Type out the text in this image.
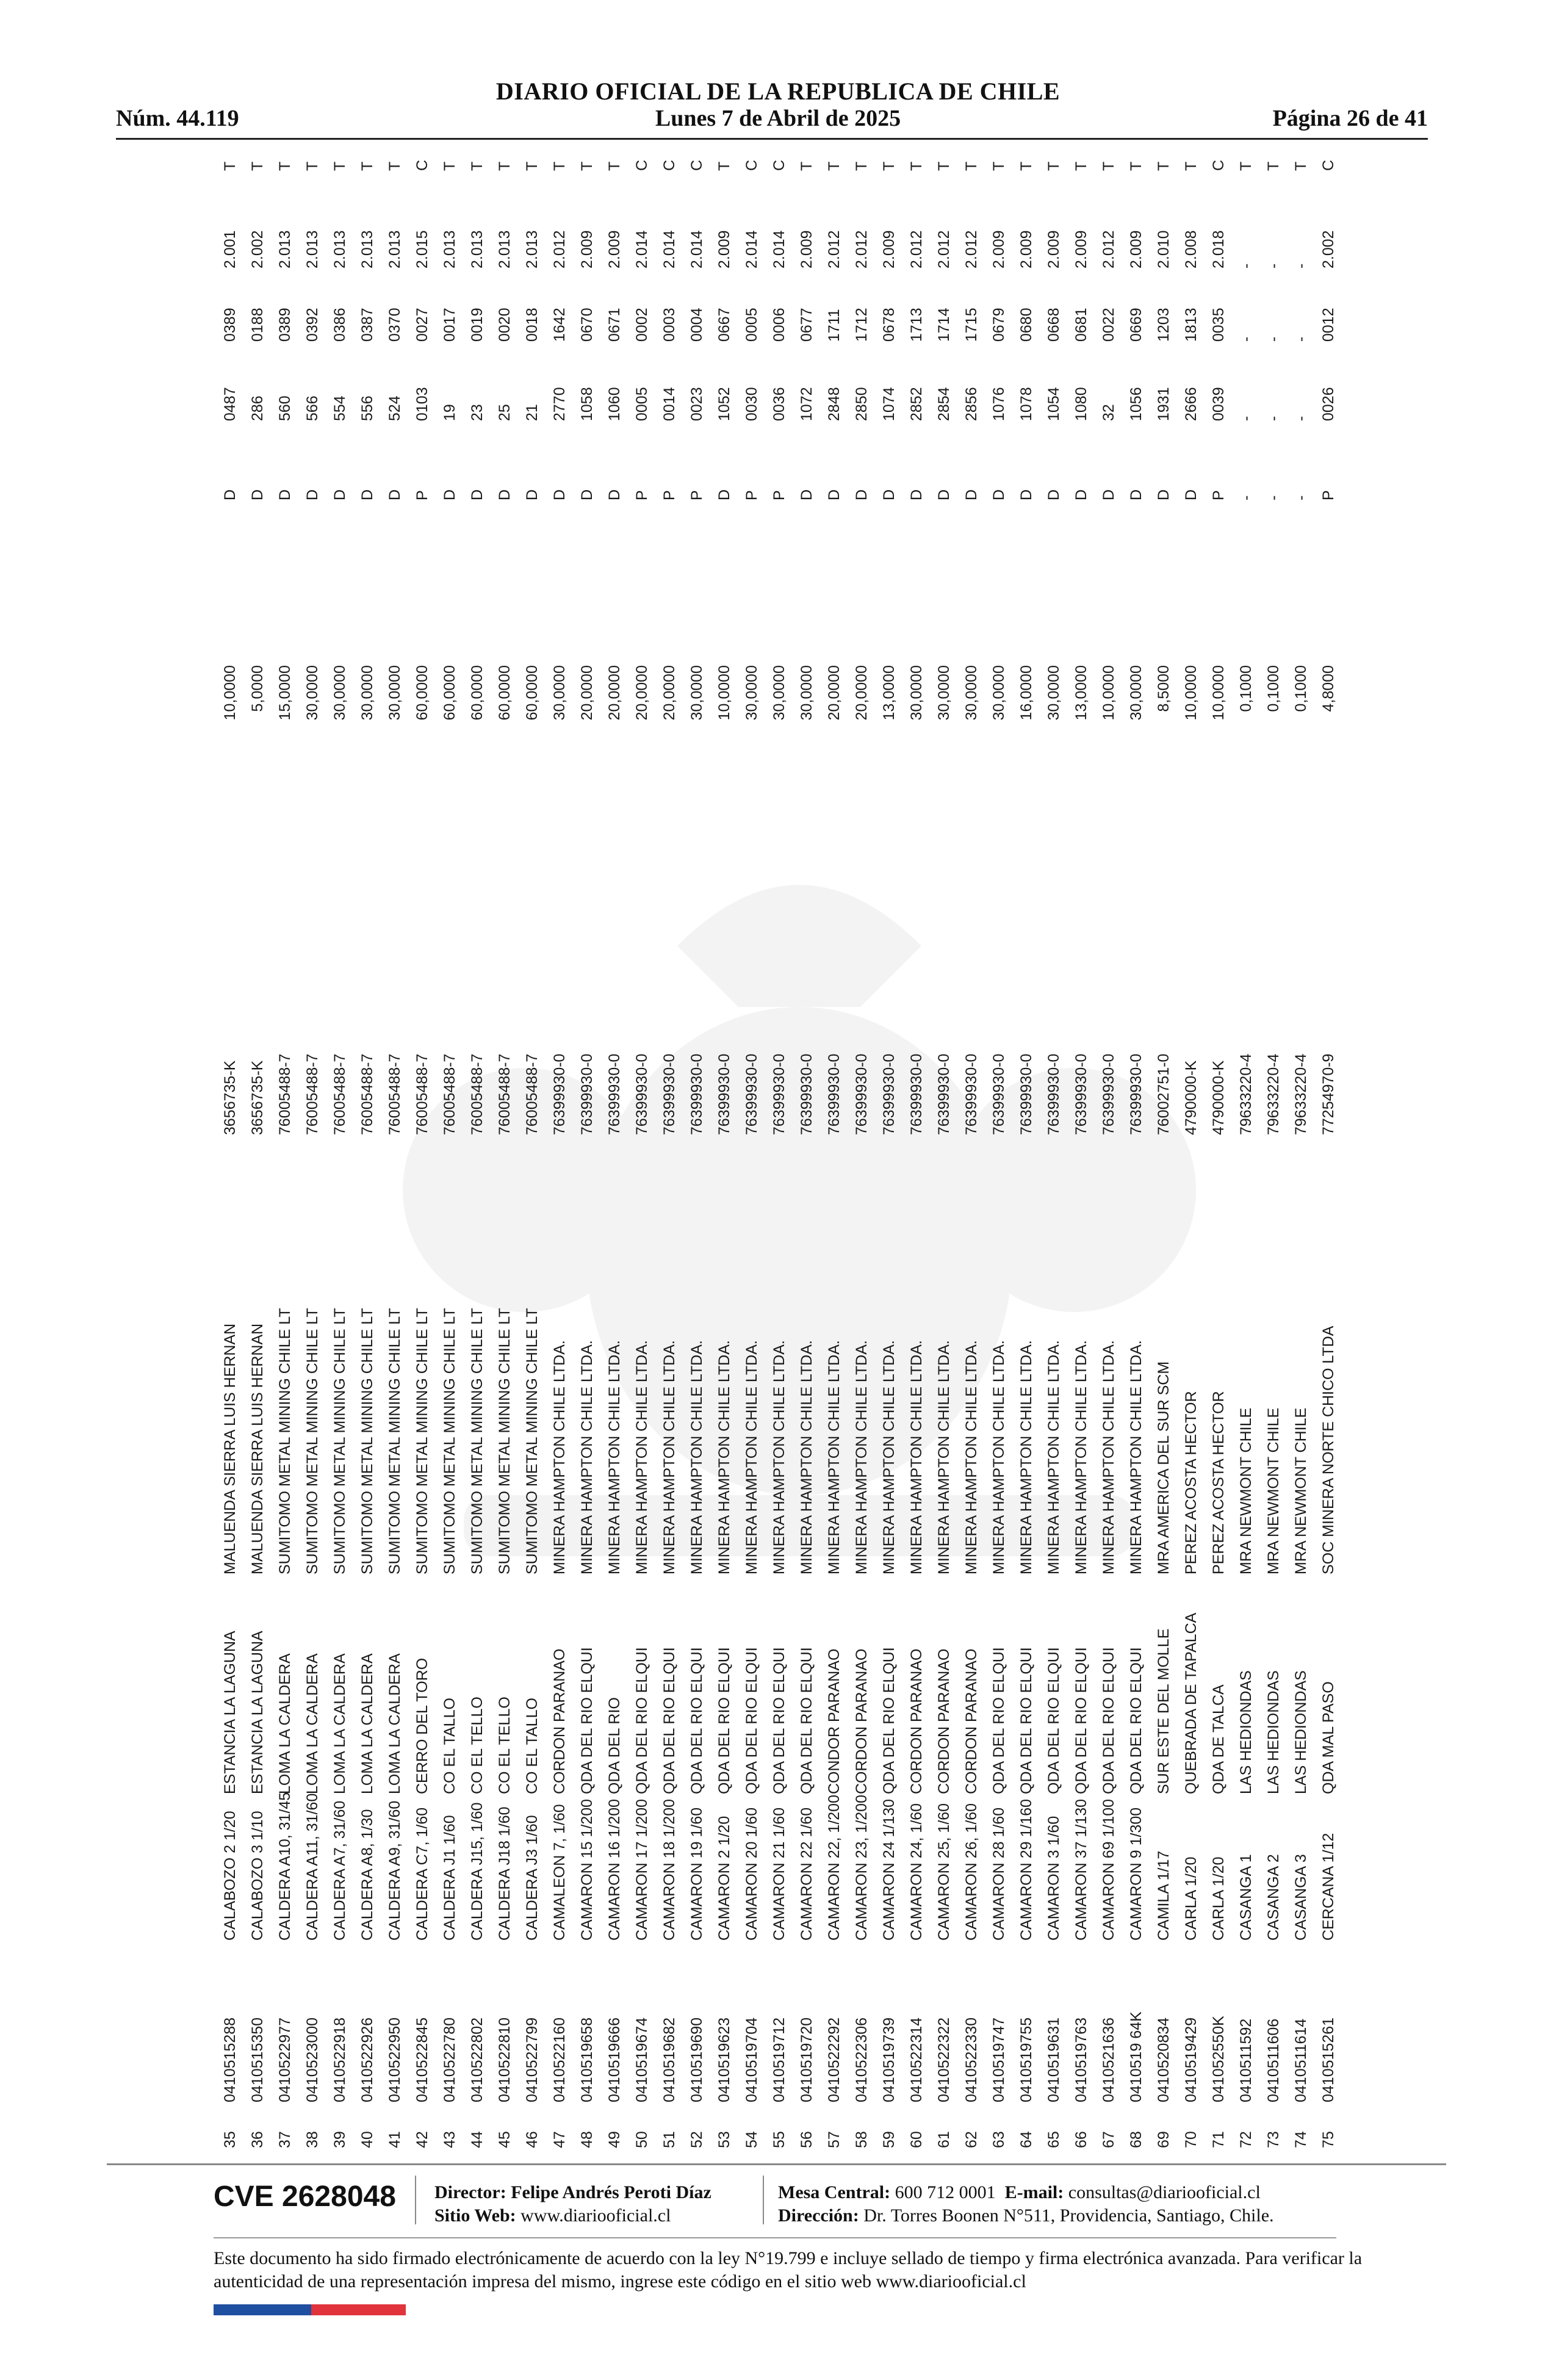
DIARIO OFICIAL DE LA REPUBLICA DE CHILE
Núm. 44.119	Lunes 7 de Abril de 2025	Página 26 de 41
35
0410515288
CALABOZO 2 1/20
ESTANCIA LA LAGUNA
MALUENDA SIERRA LUIS HERNAN
3656735-K
10,0000
D
0487
0389
2.001
T
36
0410515350
CALABOZO 3 1/10
ESTANCIA LA LAGUNA
MALUENDA SIERRA LUIS HERNAN
3656735-K
5,0000
D
286
0188
2.002
T
37
0410522977
CALDERA A10, 31/45
LOMA LA CALDERA
SUMITOMO METAL MINING CHILE LT
76005488-7
15,0000
D
560
0389
2.013
T
38
0410523000
CALDERA A11, 31/60
LOMA LA CALDERA
SUMITOMO METAL MINING CHILE LT
76005488-7
30,0000
D
566
0392
2.013
T
39
0410522918
CALDERA A7, 31/60
LOMA LA CALDERA
SUMITOMO METAL MINING CHILE LT
76005488-7
30,0000
D
554
0386
2.013
T
40
0410522926
CALDERA A8, 1/30
LOMA LA CALDERA
SUMITOMO METAL MINING CHILE LT
76005488-7
30,0000
D
556
0387
2.013
T
41
0410522950
CALDERA A9, 31/60
LOMA LA CALDERA
SUMITOMO METAL MINING CHILE LT
76005488-7
30,0000
D
524
0370
2.013
T
42
0410522845
CALDERA C7, 1/60
CERRO DEL TORO
SUMITOMO METAL MINING CHILE LT
76005488-7
60,0000
P
0103
0027
2.015
C
43
0410522780
CALDERA J1 1/60
CO EL TALLO
SUMITOMO METAL MINING CHILE LT
76005488-7
60,0000
D
19
0017
2.013
T
44
0410522802
CALDERA J15, 1/60
CO EL TELLO
SUMITOMO METAL MINING CHILE LT
76005488-7
60,0000
D
23
0019
2.013
T
45
0410522810
CALDERA J18 1/60
CO EL TELLO
SUMITOMO METAL MINING CHILE LT
76005488-7
60,0000
D
25
0020
2.013
T
46
0410522799
CALDERA J3 1/60
CO EL TALLO
SUMITOMO METAL MINING CHILE LT
76005488-7
60,0000
D
21
0018
2.013
T
47
0410522160
CAMALEON 7, 1/60
CORDON PARANAO
MINERA HAMPTON CHILE LTDA.
76399930-0
30,0000
D
2770
1642
2.012
T
48
0410519658
CAMARON 15 1/200
QDA DEL RIO ELQUI
MINERA HAMPTON CHILE LTDA.
76399930-0
20,0000
D
1058
0670
2.009
T
49
0410519666
CAMARON 16 1/200
QDA DEL RIO
MINERA HAMPTON CHILE LTDA.
76399930-0
20,0000
D
1060
0671
2.009
T
50
0410519674
CAMARON 17 1/200
QDA DEL RIO ELQUI
MINERA HAMPTON CHILE LTDA.
76399930-0
20,0000
P
0005
0002
2.014
C
51
0410519682
CAMARON 18 1/200
QDA DEL RIO ELQUI
MINERA HAMPTON CHILE LTDA.
76399930-0
20,0000
P
0014
0003
2.014
C
52
0410519690
CAMARON 19 1/60
QDA DEL RIO ELQUI
MINERA HAMPTON CHILE LTDA.
76399930-0
30,0000
P
0023
0004
2.014
C
53
0410519623
CAMARON 2 1/20
QDA DEL RIO ELQUI
MINERA HAMPTON CHILE LTDA.
76399930-0
10,0000
D
1052
0667
2.009
T
54
0410519704
CAMARON 20 1/60
QDA DEL RIO ELQUI
MINERA HAMPTON CHILE LTDA.
76399930-0
30,0000
P
0030
0005
2.014
C
55
0410519712
CAMARON 21 1/60
QDA DEL RIO ELQUI
MINERA HAMPTON CHILE LTDA.
76399930-0
30,0000
P
0036
0006
2.014
C
56
0410519720
CAMARON 22 1/60
QDA DEL RIO ELQUI
MINERA HAMPTON CHILE LTDA.
76399930-0
30,0000
D
1072
0677
2.009
T
57
0410522292
CAMARON 22, 1/200
CONDOR PARANAO
MINERA HAMPTON CHILE LTDA.
76399930-0
20,0000
D
2848
1711
2.012
T
58
0410522306
CAMARON 23, 1/200
CORDON PARANAO
MINERA HAMPTON CHILE LTDA.
76399930-0
20,0000
D
2850
1712
2.012
T
59
0410519739
CAMARON 24 1/130
QDA DEL RIO ELQUI
MINERA HAMPTON CHILE LTDA.
76399930-0
13,0000
D
1074
0678
2.009
T
60
0410522314
CAMARON 24, 1/60
CORDON PARANAO
MINERA HAMPTON CHILE LTDA.
76399930-0
30,0000
D
2852
1713
2.012
T
61
0410522322
CAMARON 25, 1/60
CORDON PARANAO
MINERA HAMPTON CHILE LTDA.
76399930-0
30,0000
D
2854
1714
2.012
T
62
0410522330
CAMARON 26, 1/60
CORDON PARANAO
MINERA HAMPTON CHILE LTDA.
76399930-0
30,0000
D
2856
1715
2.012
T
63
0410519747
CAMARON 28 1/60
QDA DEL RIO ELQUI
MINERA HAMPTON CHILE LTDA.
76399930-0
30,0000
D
1076
0679
2.009
T
64
0410519755
CAMARON 29 1/160
QDA DEL RIO ELQUI
MINERA HAMPTON CHILE LTDA.
76399930-0
16,0000
D
1078
0680
2.009
T
65
0410519631
CAMARON 3 1/60
QDA DEL RIO ELQUI
MINERA HAMPTON CHILE LTDA.
76399930-0
30,0000
D
1054
0668
2.009
T
66
0410519763
CAMARON 37 1/130
QDA DEL RIO ELQUI
MINERA HAMPTON CHILE LTDA.
76399930-0
13,0000
D
1080
0681
2.009
T
67
0410521636
CAMARON 69 1/100
QDA DEL RIO ELQUI
MINERA HAMPTON CHILE LTDA.
76399930-0
10,0000
D
32
0022
2.012
T
68
0410519 64K
CAMARON 9 1/300
QDA DEL RIO ELQUI
MINERA HAMPTON CHILE LTDA.
76399930-0
30,0000
D
1056
0669
2.009
T
69
0410520834
CAMILA 1/17
SUR ESTE DEL MOLLE
MRA AMERICA DEL SUR SCM
76002751-0
8,5000
D
1931
1203
2.010
T
70
0410519429
CARLA 1/20
QUEBRADA DE TAPALCA
PEREZ ACOSTA HECTOR
4790000-K
10,0000
D
2666
1813
2.008
T
71
041052550K
CARLA 1/20
QDA DE TALCA
PEREZ ACOSTA HECTOR
4790000-K
10,0000
P
0039
0035
2.018
C
72
0410511592
CASANGA 1
LAS HEDIONDAS
MRA NEWMONT CHILE
79633220-4
0,1000
-
-
-
-
T
73
0410511606
CASANGA 2
LAS HEDIONDAS
MRA NEWMONT CHILE
79633220-4
0,1000
-
-
-
-
T
74
0410511614
CASANGA 3
LAS HEDIONDAS
MRA NEWMONT CHILE
79633220-4
0,1000
-
-
-
-
T
75
0410515261
CERCANA 1/12
QDA MAL PASO
SOC MINERA NORTE CHICO LTDA
77254970-9
4,8000
P
0026
0012
2.002
C
CVE 2628048 Director: Felipe Andrés Peroti Díaz
Sitio Web: www.diariooficial.cl
Mesa Central: 600 712 0001 E-mail: consultas@diariooficial.cl
Dirección: Dr. Torres Boonen N°511, Providencia, Santiago, Chile.
Este documento ha sido firmado electrónicamente de acuerdo con la ley N°19.799 e incluye sellado de tiempo y firma electrónica avanzada. Para verificar la autenticidad de una representación impresa del mismo, ingrese este código en el sitio web www.diariooficial.cl
